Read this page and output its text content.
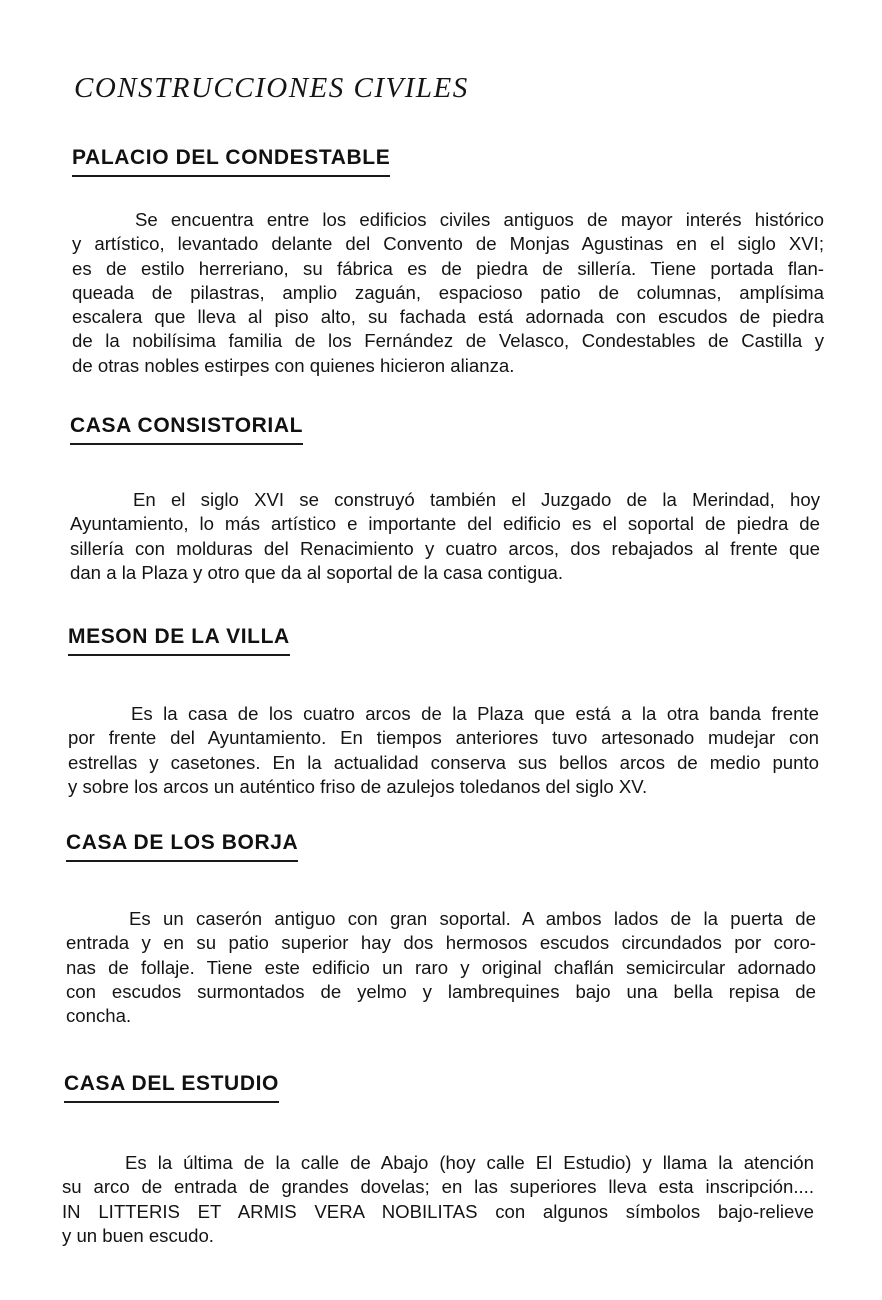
CONSTRUCCIONES CIVILES
PALACIO DEL CONDESTABLE
Se encuentra entre los edificios civiles antiguos de mayor interés histórico
y artístico, levantado delante del Convento de Monjas Agustinas en el siglo XVI;
es de estilo herreriano, su fábrica es de piedra de sillería. Tiene portada flan-
queada de pilastras, amplio zaguán, espacioso patio de columnas, amplísima
escalera que lleva al piso alto, su fachada está adornada con escudos de piedra
de la nobilísima familia de los Fernández de Velasco, Condestables de Castilla y
de otras nobles estirpes con quienes hicieron alianza.
CASA CONSISTORIAL
En el siglo XVI se construyó también el Juzgado de la Merindad, hoy
Ayuntamiento, lo más artístico e importante del edificio es el soportal de piedra de
sillería con molduras del Renacimiento y cuatro arcos, dos rebajados al frente que
dan a la Plaza y otro que da al soportal de la casa contigua.
MESON DE LA VILLA
Es la casa de los cuatro arcos de la Plaza que está a la otra banda frente
por frente del Ayuntamiento. En tiempos anteriores tuvo artesonado mudejar con
estrellas y casetones. En la actualidad conserva sus bellos arcos de medio punto
y sobre los arcos un auténtico friso de azulejos toledanos del siglo XV.
CASA DE LOS BORJA
Es un caserón antiguo con gran soportal. A ambos lados de la puerta de
entrada y en su patio superior hay dos hermosos escudos circundados por coro-
nas de follaje. Tiene este edificio un raro y original chaflán semicircular adornado
con escudos surmontados de yelmo y lambrequines bajo una bella repisa de
concha.
CASA DEL ESTUDIO
Es la última de la calle de Abajo (hoy calle El Estudio) y llama la atención
su arco de entrada de grandes dovelas; en las superiores lleva esta inscripción....
IN LITTERIS ET ARMIS VERA NOBILITAS con algunos símbolos bajo-relieve
y un buen escudo.
